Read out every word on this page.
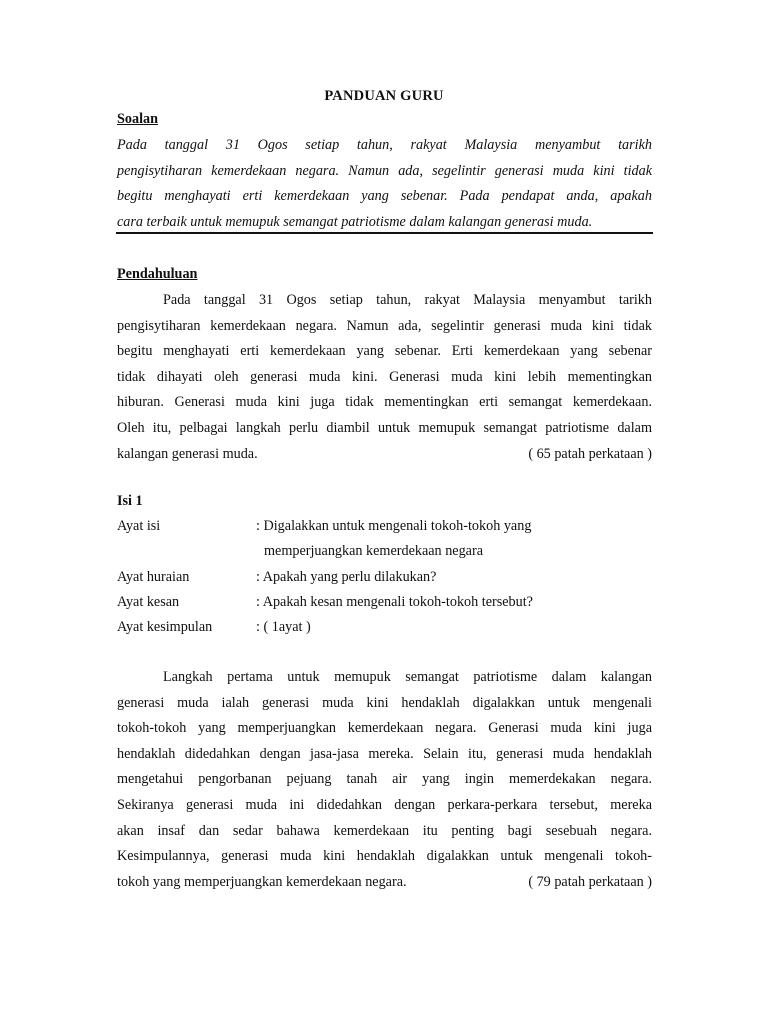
PANDUAN GURU
Soalan
Pada tanggal 31 Ogos setiap tahun, rakyat Malaysia menyambut tarikh
pengisytiharan kemerdekaan negara. Namun ada, segelintir generasi muda kini tidak
begitu menghayati erti kemerdekaan yang sebenar. Pada pendapat anda, apakah
cara terbaik untuk memupuk semangat patriotisme dalam kalangan generasi muda.
Pendahuluan
Pada tanggal 31 Ogos setiap tahun, rakyat Malaysia menyambut tarikh
pengisytiharan kemerdekaan negara. Namun ada, segelintir generasi muda kini tidak
begitu menghayati erti kemerdekaan yang sebenar. Erti kemerdekaan yang sebenar
tidak dihayati oleh generasi muda kini. Generasi muda kini lebih mementingkan
hiburan. Generasi muda kini juga tidak mementingkan erti semangat kemerdekaan.
Oleh itu, pelbagai langkah perlu diambil untuk memupuk semangat patriotisme dalam
kalangan generasi muda.	( 65 patah perkataan )
Isi 1
Ayat isi	: Digalakkan untuk mengenali tokoh-tokoh yang
memperjuangkan kemerdekaan negara
Ayat huraian	: Apakah yang perlu dilakukan?
Ayat kesan	: Apakah kesan mengenali tokoh-tokoh tersebut?
Ayat kesimpulan	: ( 1ayat )
Langkah pertama untuk memupuk semangat patriotisme dalam kalangan
generasi muda ialah generasi muda kini hendaklah digalakkan untuk mengenali
tokoh-tokoh yang memperjuangkan kemerdekaan negara. Generasi muda kini juga
hendaklah didedahkan dengan jasa-jasa mereka. Selain itu, generasi muda hendaklah
mengetahui pengorbanan pejuang tanah air yang ingin memerdekakan negara.
Sekiranya generasi muda ini didedahkan dengan perkara-perkara tersebut, mereka
akan insaf dan sedar bahawa kemerdekaan itu penting bagi sesebuah negara.
Kesimpulannya, generasi muda kini hendaklah digalakkan untuk mengenali tokoh-
tokoh yang memperjuangkan kemerdekaan negara.	( 79 patah perkataan )
